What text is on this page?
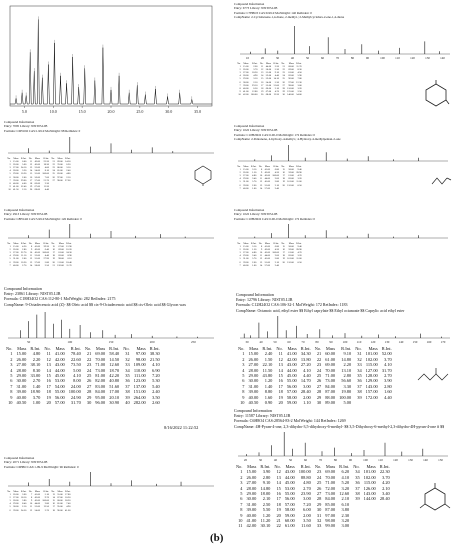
5.0	10.0	15.0	20.0	25.0	30.0	35.0
Compound Information
Entry: 6773 Library: NIST05.LIB
Formula: C7H8O3 CAS:9-99-9 MolWeight: 140 RetIndex: 0
CompName: 2-Cyclohexene-1,4-dione, 2-methyl-; 2-Methylcyclohex-2-ene-1,4-dione
10	20	30	40	50	60	70	80	90	100	110	120	130	140
No.	Mass	R.Int.	No.	Mass	R.Int.	No.	Mass	R.Int.
1	15.00	2.60	11	44.00	3.20	21	68.00	11.70
2	26.00	3.70	12	50.00	5.30	22	69.00	8.30
3	27.00	18.30	13	51.00	9.10	23	81.00	4.50
4	28.00	4.90	14	52.00	4.40	24	82.00	5.90
5	29.00	3.10	15	53.00	14.10	25	96.00	7.80
6	38.00	2.10	16	54.00	5.30	26	97.00	12.30
7	39.00	29.10	17	55.00	31.00	27	98.00	3.00
8	40.00	6.50	18	66.00	3.10	28	110.00	3.20
9	41.00	12.80	19	67.00	4.70	29	125.00	2.50
10	42.00	100.00	20	68.00	12.20	30	140.00	54.00
Compound Information
Entry: 7095 Library: NIST05.LIB
Formula: C6H10O CAS:1-99-9 MolWeight: 98 RetIndex: 0
No.	Mass	R.Int.	No.	Mass	R.Int.	No.	Mass	R.Int.
1	15.00	6.00	11	42.00	23.20	21	69.00	14.50
2	26.00	5.60	12	43.00	18.30	22	70.00	6.20
3	27.00	24.10	13	53.00	4.00	23	80.00	3.10
4	28.00	3.30	14	54.00	8.10	24	81.00	2.40
5	29.00	16.20	15	55.00	100.00	25	83.00	4.80
6	38.00	2.00	16	56.00	7.60	26	97.00	2.10
7	39.00	29.60	17	57.00	21.70	27	98.00	27.60
8	40.00	4.00	18	66.00	2.30			
9	41.00	52.40	19	67.00	11.20			
10	41.50	2.10	20	68.00	4.40			
Compound Information
Entry: 1022 Library: NIST05.LIB
Formula: C10H20O2 CAS:0-00-0 MolWeight: 172 RetIndex: 0
CompName: 2-Pentanone, 4-hydroxy-4-methyl-; 4-Hydroxy-4-methylpentan-2-one
No.	Mass	R.Int.	No.	Mass	R.Int.	No.	Mass	R.Int.
1	15.00	3.10	8	41.00	6.80	15	58.00	9.40
2	26.00	1.50	9	42.00	4.20	16	59.00	28.90
3	27.00	4.80	10	43.00	100.00	17	61.00	4.70
4	29.00	3.40	11	44.00	2.60	18	83.00	3.20
5	31.00	5.70	12	45.00	3.80	19	101.00	11.60
6	39.00	2.60	13	55.00	2.10	20	116.00	0.50
7	40.00	1.00	14	57.00	2.40			
Compound Information
Entry: 2913 Library: NIST05.LIB
Formula: C8H14O CAS:5-99-9 MolWeight: 126 RetIndex: 0
No.	Mass	R.Int.	No.	Mass	R.Int.	No.	Mass	R.Int.
1	15.00	4.20	8	41.00	39.20	15	67.00	12.90
2	26.00	2.80	9	42.00	6.40	16	69.00	16.20
3	27.00	22.70	10	43.00	100.00	17	81.00	24.30
4	29.00	11.10	11	53.00	4.40	18	83.00	8.90
5	31.00	2.00	12	55.00	27.90	19	98.00	6.10
6	39.00	16.30	13	57.00	5.80	20	111.00	18.40
7	40.00	2.70	14	58.00	3.50	21	126.00	11.70
Compound Information
Entry: 1022 Library: NIST05.LIB
Formula: C10H20O2 CAS:0-00-0 MolWeight: 172 RetIndex: 0
No.	Mass	R.Int.	No.	Mass	R.Int.	No.	Mass	R.Int.
1	15.00	3.10	8	41.00	6.80	15	58.00	9.40
2	26.00	1.50	9	42.00	4.20	16	59.00	28.90
3	27.00	4.80	10	43.00	100.00	17	61.00	4.70
4	29.00	3.40	11	44.00	2.60	18	83.00	3.20
5	31.00	5.70	12	45.00	3.80	19	101.00	11.60
6	39.00	2.60	13	55.00	2.10	20	116.00	0.50
7	40.00	1.00	14	57.00	2.40			
Compound Information
Entry: 23861 Library: NIST05.LIB
Formula: C18H34O2 CAS:112-80-1 MolWeight: 282 RetIndex: 2175
CompName: 9-Octadecenoic acid (Z)- $$ Oleic acid $$ cis-9-Octadecenoic acid $$ cis-Oleic acid $$ Glycon wax
50	100	150	200	250
No.	Mass	R.Int.	No.	Mass	R.Int.	No.	Mass	R.Int.	No.	Mass	R.Int.
1	15.00	4.80	11	41.00	78.40	21	69.00	58.40	31	97.00	38.30
2	26.00	2.20	12	42.00	22.60	22	70.00	14.50	32	98.00	21.50
3	27.00	38.10	13	43.00	73.50	23	71.00	12.60	33	109.00	4.10
4	28.00	8.30	14	44.00	5.00	24	73.00	18.70	34	110.00	6.90
5	29.00	33.00	15	45.00	4.10	25	81.00	42.20	35	111.00	7.20
6	30.00	2.70	16	53.00	8.00	26	82.00	40.80	36	123.00	5.30
7	31.00	1.40	17	54.00	24.00	27	83.00	51.60	37	137.00	5.40
8	39.00	18.90	18	55.00	100.00	28	84.00	17.00	38	151.00	2.40
9	40.00	3.70	19	56.00	24.90	29	95.00	20.10	39	264.00	3.50
10	40.50	1.00	20	57.00	31.70	30	96.00	30.90	40	282.00	2.60
8/16/2022 11:22:52
Compound Information
Entry: 12796 Library: NIST05.LIB
Formula: C12H24O2 CAS:106-32-1 MolWeight: 172 RetIndex: 1183
CompName: Octanoic acid, ethyl ester $$ Ethyl caprylate $$ Ethyl octanoate $$ Caprylic acid ethyl ester
30	40	50	60	70	80	90	100	110	120	130	140	150	160	170
No.	Mass	R.Int.	No.	Mass	R.Int.	No.	Mass	R.Int.	No.	Mass	R.Int.
1	15.00	2.40	11	41.00	34.30	21	60.00	9.10	31	101.00	52.00
2	26.00	1.50	12	42.00	13.80	22	61.00	14.80	32	102.00	3.70
3	27.00	22.10	13	43.00	27.20	23	69.00	2.20	33	115.00	4.10
4	28.00	11.50	14	44.00	4.10	24	70.00	13.10	34	127.00	31.70
5	29.00	43.80	15	45.00	4.40	25	71.00	2.80	35	128.00	2.70
6	30.00	1.20	16	55.00	14.70	26	73.00	56.60	36	129.00	3.90
7	31.00	1.40	17	56.00	3.00	27	84.00	3.30	37	143.00	2.80
8	39.00	8.80	18	57.00	28.40	28	87.00	19.80	38	157.00	1.60
9	40.00	1.60	19	58.00	2.00	29	88.00	100.00	39	172.00	4.40
10	40.50	0.90	20	59.00	1.10	30	89.00	5.00			
Compound Information
Entry: 2071 Library: NIST05.LIB
Formula: C6H8O CAS:1-99-9 MolWeight: 96 RetIndex: 0
No.	Mass	R.Int.	No.	Mass	R.Int.	No.	Mass	R.Int.
1	26.00	3.60	7	41.00	5.10	13	55.00	17.80
2	27.00	18.10	8	42.00	9.70	14	67.00	10.30
3	28.00	3.80	9	43.00	100.00	15	68.00	58.20
4	29.00	8.40	10	44.00	2.80	16	81.00	7.40
5	38.00	2.10	11	53.00	12.50	17	95.00	4.90
6	39.00	24.50	12	54.00	3.70	18	96.00	41.60
Compound Information
Entry: 11587 Library: NIST05.LIB
Formula: C6H8O4 CAS:28564-83-2 MolWeight: 144 RetIndex: 1269
CompName: 4H-Pyran-4-one, 2,3-dihydro-3,5-dihydroxy-6-methyl- $$ 3,5-Dihydroxy-6-methyl-2,3-dihydro-4H-pyran-4-one # $$
20	30	40	50	60	70	80	90	100	110	120	130	140	150
No.	Mass	R.Int.	No.	Mass	R.Int.	No.	Mass	R.Int.	No.	Mass	R.Int.
1	15.00	3.90	12	43.00	100.00	23	69.00	6.20	34	101.00	22.30
2	26.00	2.80	13	44.00	88.80	24	70.00	4.10	35	102.00	3.70
3	27.00	9.10	14	45.00	4.80	25	71.00	5.20	36	115.00	4.20
4	28.00	14.80	15	53.00	2.70	26	72.00	3.20	37	126.00	2.10
5	29.00	18.00	16	55.00	23.90	27	73.00	12.60	38	143.00	3.40
6	30.00	2.10	17	56.00	3.00	28	84.00	2.10	39	144.00	28.40
7	31.00	2.50	18	57.00	7.20	29	85.00	6.10			
8	39.00	5.50	19	58.00	6.00	30	87.00	3.80			
9	40.00	1.20	20	59.00	2.00	31	97.00	2.30			
10	41.00	11.20	21	60.00	3.50	32	98.00	3.20			
11	42.00	30.10	22	61.00	11.60	33	99.00	3.00			
(b)
